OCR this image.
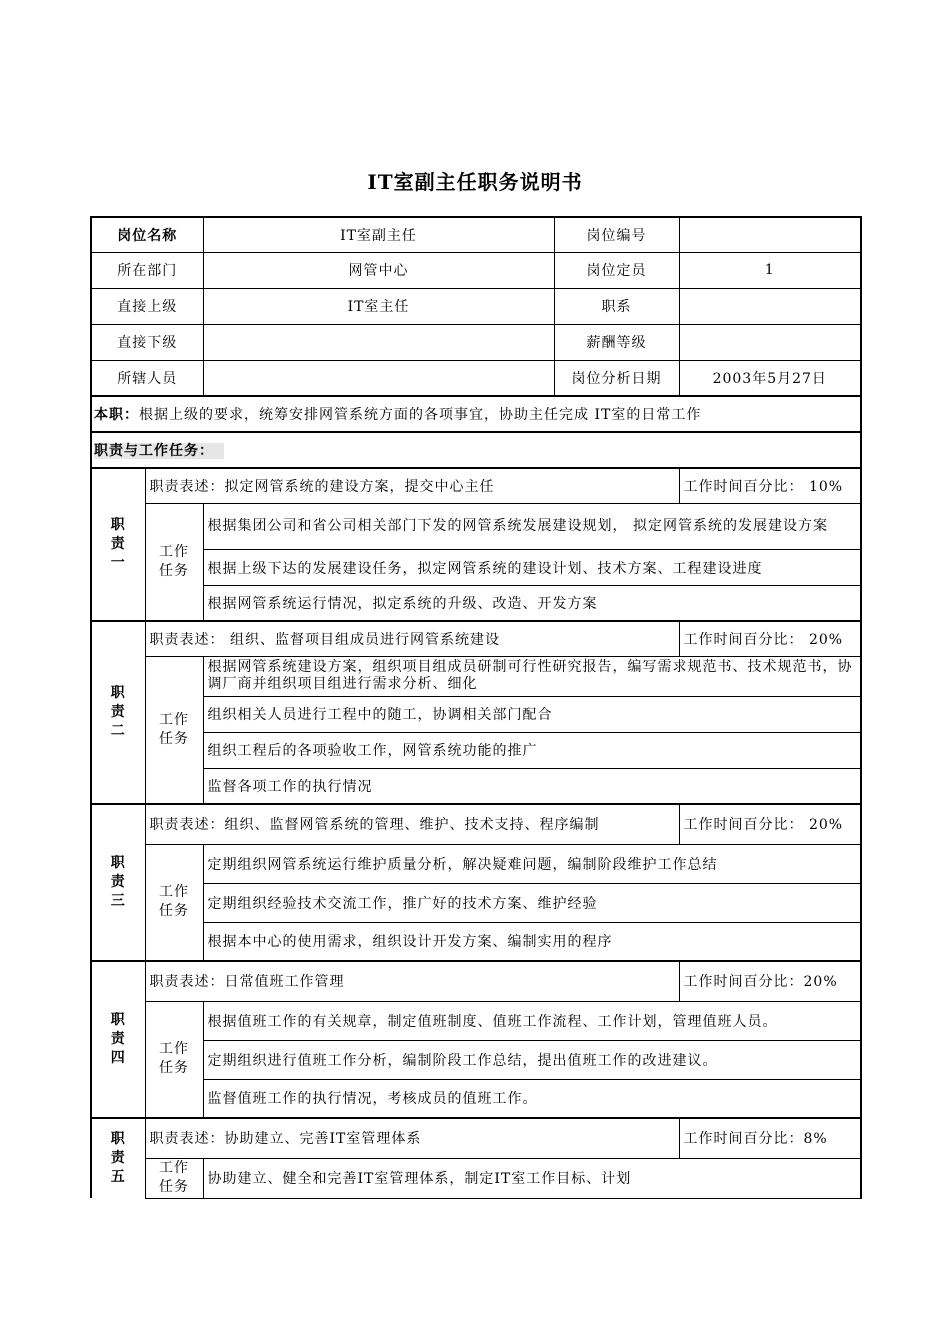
IT室副主任职务说明书
岗位名称		IT室副主任	岗位编号	
所在部门		网管中心	岗位定员	1
直接上级		IT室主任	职系	
直接下级			薪酬等级	
所辖人员			岗位分析日期	2003年5月27日
本职：根据上级的要求，统筹安排网管系统方面的各项事宜，协助主任完成 IT室的日常工作				
职责与工作任务：				

职
责
一	职责表述：拟定网管系统的建设方案，提交中心主任			工作时间百分比： 10%

	工作
任务	根据集团公司和省公司相关部门下发的网管系统发展建设规划， 拟定网管系统的发展建设方案		
		根据上级下达的发展建设任务，拟定网管系统的建设计划、技术方案、工程建设进度		
		根据网管系统运行情况，拟定系统的升级、改造、开发方案		

职
责
二	职责表述： 组织、监督项目组成员进行网管系统建设			工作时间百分比： 20%

	工作
任务	根据网管系统建设方案，组织项目组成员研制可行性研究报告，编写需求规范书、技术规范书，协调厂商并组织项目组进行需求分析、细化		
		组织相关人员进行工程中的随工，协调相关部门配合		
		组织工程后的各项验收工作，网管系统功能的推广		
		监督各项工作的执行情况		

职
责
三	职责表述：组织、监督网管系统的管理、维护、技术支持、程序编制			工作时间百分比： 20%

	工作
任务	定期组织网管系统运行维护质量分析，解决疑难问题，编制阶段维护工作总结		
		定期组织经验技术交流工作，推广好的技术方案、维护经验		
		根据本中心的使用需求，组织设计开发方案、编制实用的程序		

职
责
四	职责表述：日常值班工作管理			工作时间百分比：20%

	工作
任务	根据值班工作的有关规章，制定值班制度、值班工作流程、工作计划，管理值班人员。		
		定期组织进行值班工作分析，编制阶段工作总结，提出值班工作的改进建议。		
		监督值班工作的执行情况，考核成员的值班工作。		

职
责
五	职责表述：协助建立、完善IT室管理体系			工作时间百分比：8%

	工作
任务	协助建立、健全和完善IT室管理体系，制定IT室工作目标、计划		
